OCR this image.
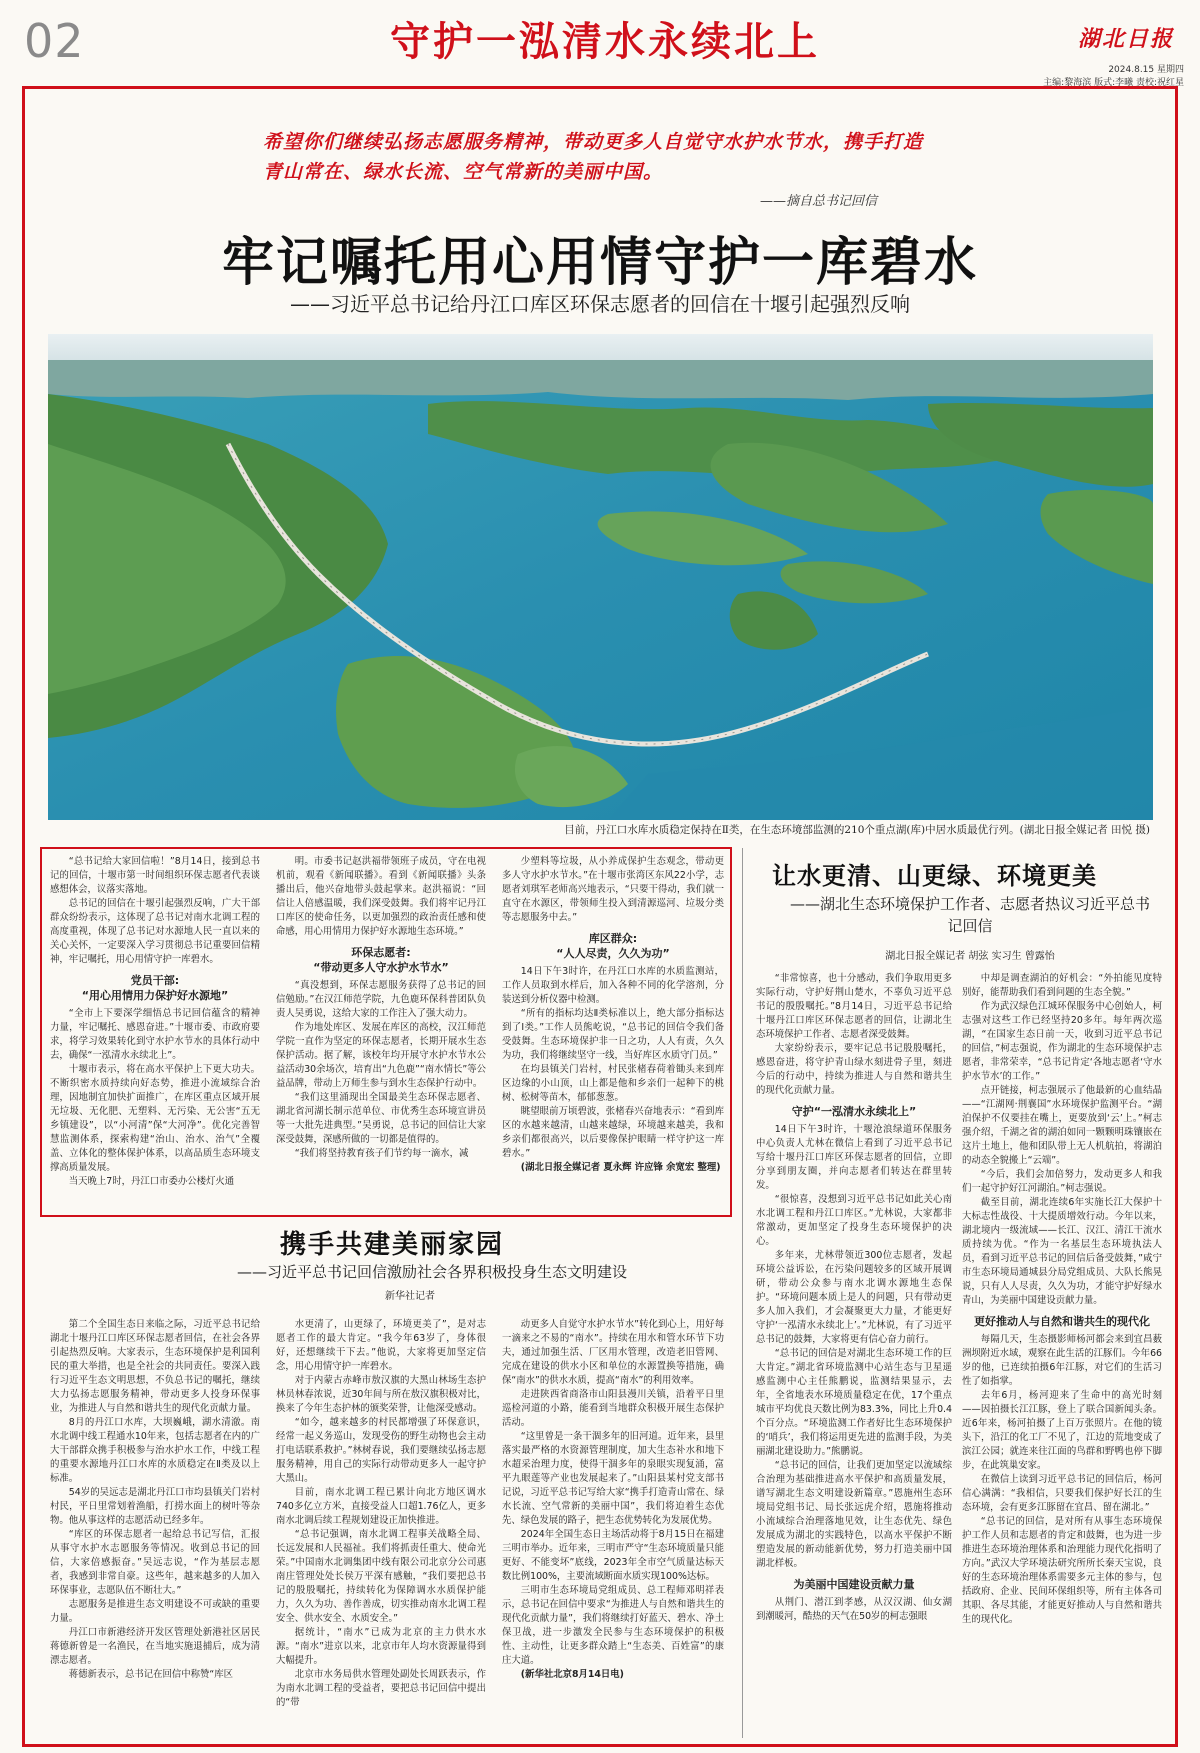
02	守护一泓清水永续北上	湖北日报
2024.8.15 星期四
主编:黎海滨 版式:李曦 责校:祝红星
希望你们继续弘扬志愿服务精神，带动更多人自觉守水护水节水，携手打造青山常在、绿水长流、空气常新的美丽中国。
——摘自总书记回信
牢记嘱托用心用情守护一库碧水
——习近平总书记给丹江口库区环保志愿者的回信在十堰引起强烈反响
目前，丹江口水库水质稳定保持在Ⅱ类，在生态环境部监测的210个重点湖(库)中居水质最优行列。(湖北日报全媒记者 田悦 摄)

“总书记给大家回信啦！”8月14日，接到总书记的回信，十堰市第一时间组织环保志愿者代表谈感想体会，议落实落地。

总书记的回信在十堰引起强烈反响，广大干部群众纷纷表示，这体现了总书记对南水北调工程的高度重视，体现了总书记对水源地人民一直以来的关心关怀，一定要深入学习贯彻总书记重要回信精神，牢记嘱托，用心用情守护一库碧水。

党员干部:
“用心用情用力保护好水源地”

“全市上下要深学细悟总书记回信蕴含的精神力量，牢记嘱托、感恩奋进。”十堰市委、市政府要求，将学习效果转化到守水护水节水的具体行动中去，确保“一泓清水永续北上”。

十堰市表示，将在高水平保护上下更大功夫。不断织密水质持续向好态势，推进小流域综合治理，因地制宜加快扩面推广，在库区重点区域开展无垃圾、无化肥、无塑料、无污染、无公害“五无乡镇建设”，以“小河清”保“大河净”。优化完善智慧监测体系，探索构建“治山、治水、治气”全覆盖、立体化的整体保护体系，以高品质生态环境支撑高质量发展。

当天晚上7时，丹江口市委办公楼灯火通

明。市委书记赵洪福带领班子成员，守在电视机前，观看《新闻联播》。看到《新闻联播》头条播出后，他兴奋地带头鼓起掌来。赵洪福说：“回信让人倍感温暖，我们深受鼓舞。我们将牢记丹江口库区的使命任务，以更加强烈的政治责任感和使命感，用心用情用力保护好水源地生态环境。”

环保志愿者:
“带动更多人守水护水节水”

“真没想到，环保志愿服务获得了总书记的回信勉励。”在汉江师范学院，九色鹿环保科普团队负责人吴勇说，这给大家的工作注入了强大动力。

作为地处库区、发展在库区的高校，汉江师范学院一直作为坚定的环保志愿者，长期开展水生态保护活动。据了解，该校年均开展守水护水节水公益活动30余场次，培育出“九色鹿”“南水情长”等公益品牌，带动上万师生参与到水生态保护行动中。

“我们这里涌现出全国最美生态环保志愿者、湖北省河湖长制示范单位、市优秀生态环境宣讲员等一大批先进典型。”吴勇说，总书记的回信让大家深受鼓舞，深感所做的一切都是值得的。

“我们将坚持教育孩子们节约每一滴水，减

少塑料等垃圾，从小养成保护生态观念，带动更多人守水护水节水。”在十堰市张湾区东风22小学，志愿者刘琪军老师高兴地表示，“只要干得动，我们就一直守在水源区，带领师生投入到清源巡河、垃圾分类等志愿服务中去。”

库区群众:
“人人尽责，久久为功”

14日下午3时许，在丹江口水库的水质监测站，工作人员取到水样后，加入各种不同的化学溶剂，分装送到分析仪器中检测。

“所有的指标均达Ⅱ类标准以上，绝大部分指标达到了Ⅰ类。”工作人员熊屹说，“总书记的回信令我们备受鼓舞。生态环境保护非一日之功，人人有责，久久为功，我们将继续坚守一线，当好库区水质守门员。”

在均县镇关门岩村，村民张楮春荷着锄头来到库区边缘的小山顶，山上都是他和乡亲们一起种下的桃树、松树等苗木，郁郁葱葱。

眺望眼前万顷碧波，张楮春兴奋地表示：“看到库区的水越来越清，山越来越绿，环境越来越美，我和乡亲们都很高兴，以后要像保护眼睛一样守护这一库碧水。”

(湖北日报全媒记者 夏永辉 许应锋 余宽宏 整理)

携手共建美丽家园
——习近平总书记回信激励社会各界积极投身生态文明建设
新华社记者

第二个全国生态日来临之际，习近平总书记给湖北十堰丹江口库区环保志愿者回信，在社会各界引起热烈反响。大家表示，生态环境保护是利国利民的重大举措，也是全社会的共同责任。要深入践行习近平生态文明思想，不负总书记的嘱托，继续大力弘扬志愿服务精神，带动更多人投身环保事业，为推进人与自然和谐共生的现代化贡献力量。

8月的丹江口水库，大坝巍峨，湖水清澈。南水北调中线工程通水10年来，包括志愿者在内的广大干部群众携手积极参与治水护水工作，中线工程的重要水源地丹江口水库的水质稳定在Ⅱ类及以上标准。

54岁的吴远志是湖北丹江口市均县镇关门岩村村民，平日里常划着渔船，打捞水面上的树叶等杂物。他从事这样的志愿活动已经多年。

“库区的环保志愿者一起给总书记写信，汇报从事守水护水志愿服务等情况。收到总书记的回信，大家倍感振奋。”吴远志说，“作为基层志愿者，我感到非常自豪。这些年，越来越多的人加入环保事业，志愿队伍不断壮大。”

志愿服务是推进生态文明建设不可或缺的重要力量。

丹江口市新港经济开发区管理处新港社区居民蒋德新曾是一名渔民，在当地实施退捕后，成为清漂志愿者。

蒋德新表示，总书记在回信中称赞“库区

水更清了，山更绿了，环境更美了”，是对志愿者工作的最大肯定。“我今年63岁了，身体很好，还想继续干下去。”他说，大家将更加坚定信念，用心用情守护一库碧水。

对于内蒙古赤峰市敖汉旗的大黑山林场生态护林员林春浓说，近30年间与所在敖汉旗积极对比，换来了今年生态护林的颁奖荣誉，让他深受感动。

“如今，越来越多的村民都增强了环保意识，经常一起义务巡山，发现受伤的野生动物也会主动打电话联系救护。”林树春说，我们要继续弘扬志愿服务精神，用自己的实际行动带动更多人一起守护大黑山。

目前，南水北调工程已累计向北方地区调水740多亿立方米，直接受益人口超1.76亿人，更多南水北调后续工程规划建设正加快推进。

“总书记强调，南水北调工程事关战略全局、长远发展和人民福祉。我们将抓责任重大、使命光荣。”中国南水北调集团中线有限公司北京分公司惠南庄管理处处长侯万平深有感触，“我们要把总书记的殷殷嘱托，持续转化为保障调水水质保护能力，久久为功、善作善成，切实推动南水北调工程安全、供水安全、水质安全。”

据统计，“南水”已成为北京的主力供水水源。“南水”进京以来，北京市年人均水资源量得到大幅提升。

北京市水务局供水管理处副处长周跃表示，作为南水北调工程的受益者，要把总书记回信中提出的“带

动更多人自觉守水护水节水”转化到心上，用好每一滴来之不易的“南水”。持续在用水和管水环节下功夫，通过加强生活、厂区用水管理，改造老旧管网、完成在建设的供水小区和单位的水源置换等措施，确保“南水”的供水水质，提高“南水”的利用效率。

走进陕西省商洛市山阳县漫川关镇，沿着平日里巡检河道的小路，能看到当地群众积极开展生态保护活动。

“这里曾是一条干涸多年的旧河道。近年来，县里落实最严格的水资源管理制度，加大生态补水和地下水超采治理力度，使得干涸多年的泉眼实现复涌，富平九眼莲等产业也发展起来了。”山阳县某村党支部书记说，习近平总书记写给大家“携手打造青山常在、绿水长流、空气常新的美丽中国”，我们将迫着生态优先、绿色发展的路子，把生态优势转化为发展优势。

2024年全国生态日主场活动将于8月15日在福建三明市举办。近年来，三明市严守“生态环境质量只能更好、不能变坏”底线，2023年全市空气质量达标天数比例100%，主要流域断面水质实现100%达标。

三明市生态环境局党组成员、总工程师邓明祥表示，总书记在回信中要求“为推进人与自然和谐共生的现代化贡献力量”，我们将继续打好蓝天、碧水、净土保卫战，进一步激发全民参与生态环境保护的积极性、主动性，让更多群众踏上“生态美、百姓富”的康庄大道。

(新华社北京8月14日电)

让水更清、山更绿、环境更美
——湖北生态环境保护工作者、志愿者热议习近平总书记回信
湖北日报全媒记者 胡弦 实习生 曾露怡

“非常惊喜，也十分感动，我们争取用更多实际行动，守护好荆山楚水，不辜负习近平总书记的殷殷嘱托。”8月14日，习近平总书记给十堰丹江口库区环保志愿者的回信，让湖北生态环境保护工作者、志愿者深受鼓舞。

大家纷纷表示，要牢记总书记殷殷嘱托，感恩奋进，将守护青山绿水刻进骨子里，刻进今后的行动中，持续为推进人与自然和谐共生的现代化贡献力量。

守护“一泓清水永续北上”

14日下午3时许，十堰沧浪绿道环保服务中心负责人尤林在微信上看到了习近平总书记写给十堰丹江口库区环保志愿者的回信，立即分享到朋友圈，并向志愿者们转达在群里转发。

“很惊喜，没想到习近平总书记如此关心南水北调工程和丹江口库区。”尤林说，大家都非常激动，更加坚定了投身生态环境保护的决心。

多年来，尤林带领近300位志愿者，发起环境公益诉讼，在污染问题较多的区域开展调研，带动公众参与南水北调水源地生态保护。“环境问题本质上是人的问题，只有带动更多人加入我们，才会凝聚更大力量，才能更好守护‘一泓清水永续北上’。”尤林说，有了习近平总书记的鼓舞，大家将更有信心奋力前行。

“总书记的回信是对湖北生态环境工作的巨大肯定。”湖北省环境监测中心站生态与卫星遥感监测中心主任熊鹏说，监测结果显示，去年，全省地表水环境质量稳定在优，17个重点城市平均优良天数比例为83.3%，同比上升0.4个百分点。“环境监测工作者好比生态环境保护的‘哨兵’，我们将运用更先进的监测手段，为美丽湖北建设助力。”熊鹏说。

“总书记的回信，让我们更加坚定以流域综合治理为基础推进高水平保护和高质量发展，谱写湖北生态文明建设新篇章。”恩施州生态环境局党组书记、局长张远虎介绍，恩施将推动小流域综合治理落地见效，让生态优先、绿色发展成为湖北的实践特色，以高水平保护不断塑造发展的新动能新优势，努力打造美丽中国湖北样板。

为美丽中国建设贡献力量

从荆门、潜江到孝感，从汉汉湖、仙女湖到潮暖河，酷热的天气在50岁的柯志强眼

中却是调查湖泊的好机会：“外拍能见度特别好，能帮助我们看到问题的生态全貌。”

作为武汉绿色江城环保服务中心创始人，柯志强对这些工作已经坚持20多年。每年两次巡湖，“在国家生态日前一天，收到习近平总书记的回信，”柯志强说，作为湖北的生态环境保护志愿者，非常荣幸，“总书记肯定‘各地志愿者‘守水护水节水’的工作。”

点开链接，柯志强展示了他最新的心血结晶——“江湖网·荆襄国”水环境保护监测平台。“湖泊保护不仅要挂在嘴上，更要放到‘云’上。”柯志强介绍，千湖之省的湖泊如同一颗颗明珠镶嵌在这片土地上，他和团队带上无人机航拍，将湖泊的动态全貌搬上“云端”。

“今后，我们会加倍努力，发动更多人和我们一起守护好江河湖泊。”柯志强说。

截至目前，湖北连续6年实施长江大保护十大标志性战役、十大提质增效行动。今年以来，湖北境内一级流域——长江、汉江、清江干流水质持续为优。“作为一名基层生态环境执法人员，看到习近平总书记的回信后备受鼓舞，”咸宁市生态环境局通城县分局党组成员、大队长熊晃说，只有人人尽责，久久为功，才能守护好绿水青山，为美丽中国建设贡献力量。

更好推动人与自然和谐共生的现代化

每隔几天，生态摄影师杨河都会来到宜昌薮洲坝附近水域，观察在此生活的江豚们。今年66岁的他，已连续拍摄6年江豚，对它们的生活习性了如指掌。

去年6月，杨河迎来了生命中的高光时刻——因拍摄长江江豚，登上了联合国新闻头条。近6年来，杨河拍摄了上百万张照片。在他的镜头下，沿江的化工厂不见了，江边的荒地变成了滨江公园；就连来往江面的鸟群和野鸭也停下脚步，在此筑巢安家。

在微信上读到习近平总书记的回信后，杨河信心满满：“我相信，只要我们保护好长江的生态环境，会有更多江豚留在宜昌、留在湖北。”

“总书记的回信，是对所有从事生态环境保护工作人员和志愿者的肯定和鼓舞，也为进一步推进生态环境治理体系和治理能力现代化指明了方向。”武汉大学环境法研究所所长秦天宝说，良好的生态环境治理体系需要多元主体的参与，包括政府、企业、民间环保组织等，所有主体各司其职、各尽其能，才能更好推动人与自然和谐共生的现代化。
